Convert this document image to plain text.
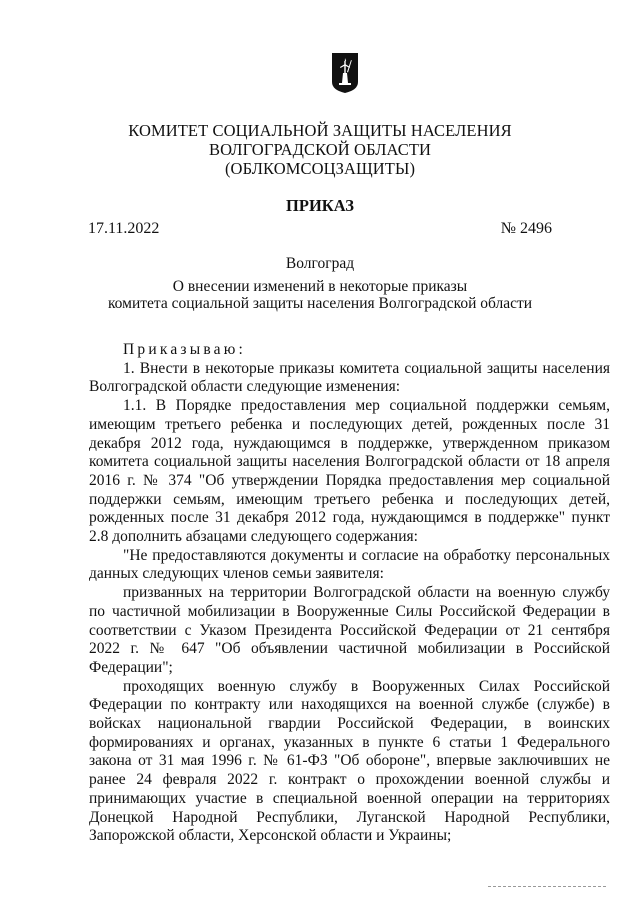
КОМИТЕТ СОЦИАЛЬНОЙ ЗАЩИТЫ НАСЕЛЕНИЯ
ВОЛГОГРАДСКОЙ ОБЛАСТИ
(ОБЛКОМСОЦЗАЩИТЫ)
ПРИКАЗ
17.11.2022	№ 2496
Волгоград
О внесении изменений в некоторые приказы
комитета социальной защиты населения Волгоградской области

Приказываю:

1. Внести в некоторые приказы комитета социальной защиты населения Волгоградской области следующие изменения:

1.1. В Порядке предоставления мер социальной поддержки семьям, имеющим третьего ребенка и последующих детей, рожденных после 31 декабря 2012 года, нуждающимся в поддержке, утвержденном приказом комитета социальной защиты населения Волгоградской области от 18 апреля 2016 г. № 374 "Об утверждении Порядка предоставления мер социальной поддержки семьям, имеющим третьего ребенка и последующих детей, рожденных после 31 декабря 2012 года, нуждающимся в поддержке" пункт 2.8 дополнить абзацами следующего содержания:

"Не предоставляются документы и согласие на обработку персональных данных следующих членов семьи заявителя:

призванных на территории Волгоградской области на военную службу по частичной мобилизации в Вооруженные Силы Российской Федерации в соответствии с Указом Президента Российской Федерации от 21 сентября 2022 г. № 647 "Об объявлении частичной мобилизации в Российской Федерации";

проходящих военную службу в Вооруженных Силах Российской Федерации по контракту или находящихся на военной службе (службе) в войсках национальной гвардии Российской Федерации, в воинских формированиях и органах, указанных в пункте 6 статьи 1 Федерального закона от 31 мая 1996 г. № 61-ФЗ "Об обороне", впервые заключивших не ранее 24 февраля 2022 г. контракт о прохождении военной службы и принимающих участие в специальной военной операции на территориях Донецкой Народной Республики, Луганской Народной Республики, Запорожской области, Херсонской области и Украины;
